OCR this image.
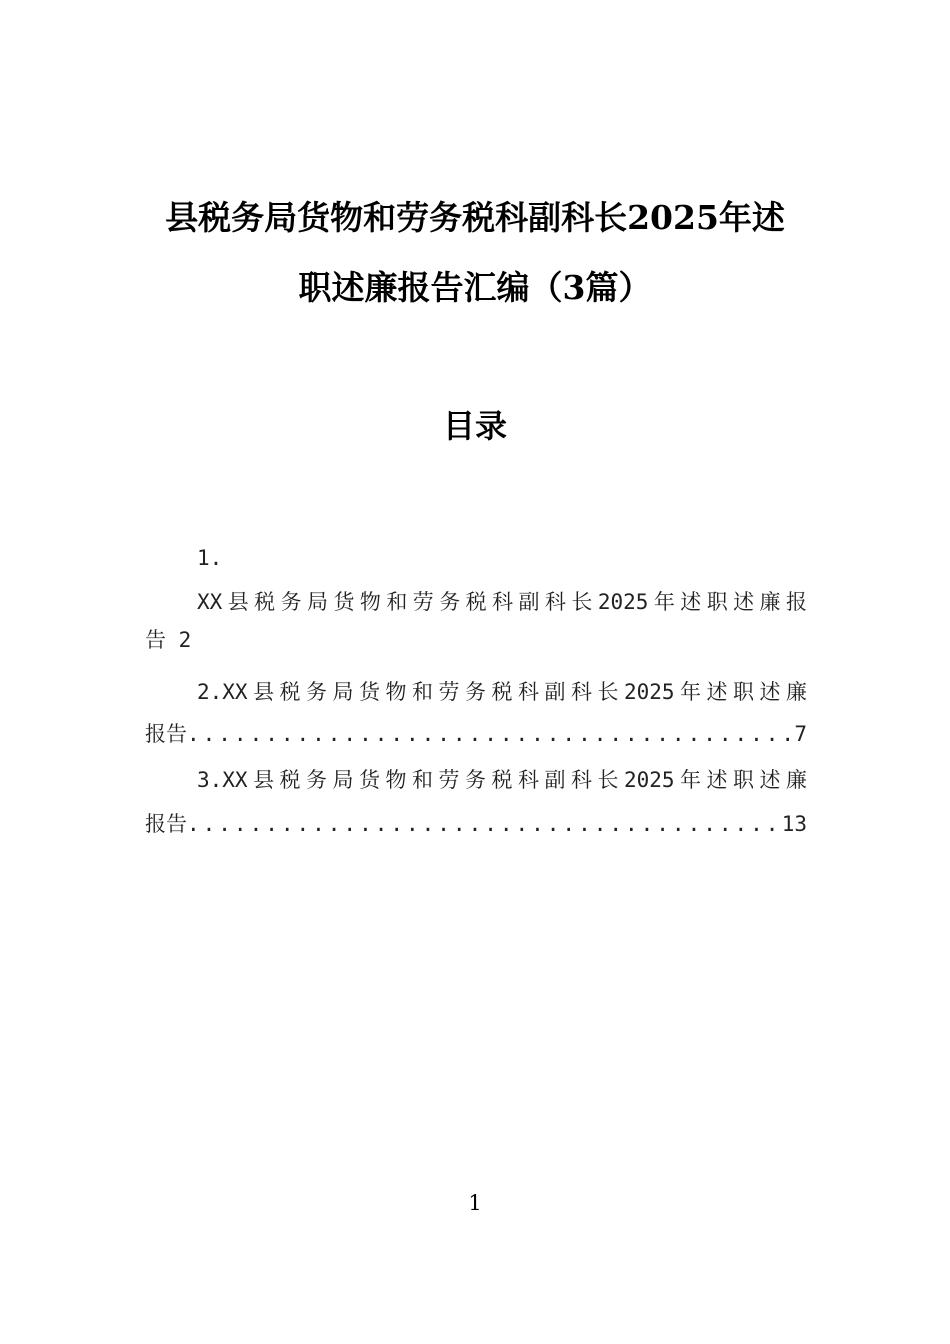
县税务局货物和劳务税科副科长2025年述
职述廉报告汇编（3篇）
目录
1.
XX县税务局货物和劳务税科副科长2025年述职述廉报
告 2
2.XX县税务局货物和劳务税科副科长2025年述职述廉
报告 .....	7
3.XX县税务局货物和劳务税科副科长2025年述职述廉
报告 .....	13
1
